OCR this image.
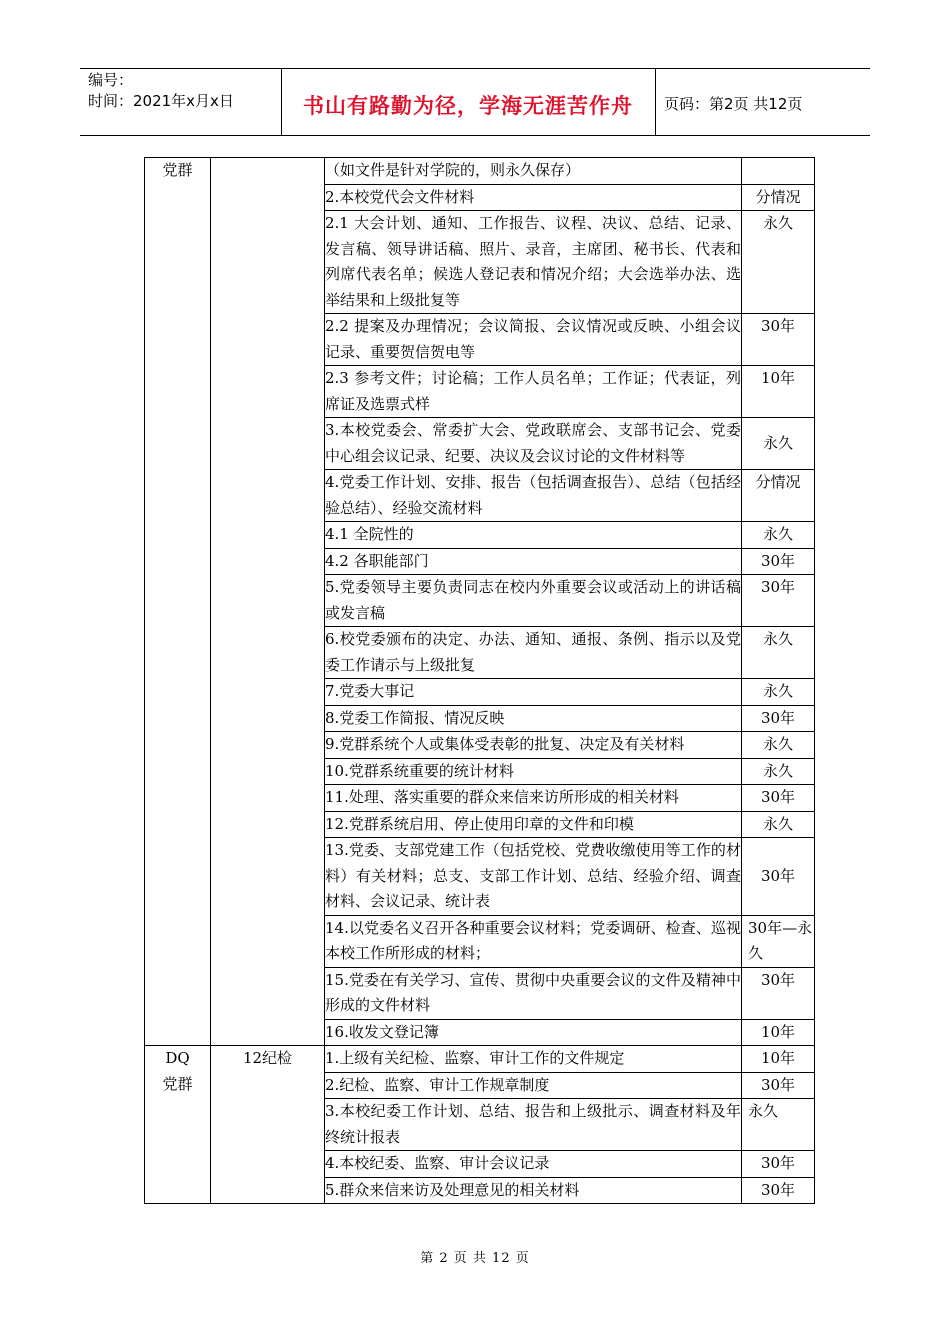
编号：
时间：2021年x月x日	书山有路勤为径，学海无涯苦作舟	页码：第2页 共12页
党群		（如文件是针对学院的，则永久保存）	
		2.本校党代会文件材料	分情况
		2.1 大会计划、通知、工作报告、议程、决议、总结、记录、发言稿、领导讲话稿、照片、录音，主席团、秘书长、代表和列席代表名单；候选人登记表和情况介绍；大会选举办法、选举结果和上级批复等	永久
		2.2 提案及办理情况；会议简报、会议情况或反映、小组会议记录、重要贺信贺电等	30年
		2.3 参考文件；讨论稿；工作人员名单；工作证；代表证，列席证及选票式样	10年
		3.本校党委会、常委扩大会、党政联席会、支部书记会、党委中心组会议记录、纪要、决议及会议讨论的文件材料等	永久
		4.党委工作计划、安排、报告（包括调查报告）、总结（包括经验总结）、经验交流材料	分情况
		4.1 全院性的	永久
		4.2 各职能部门	30年
		5.党委领导主要负责同志在校内外重要会议或活动上的讲话稿或发言稿	30年
		6.校党委颁布的决定、办法、通知、通报、条例、指示以及党委工作请示与上级批复	永久
		7.党委大事记	永久
		8.党委工作简报、情况反映	30年
		9.党群系统个人或集体受表彰的批复、决定及有关材料	永久
		10.党群系统重要的统计材料	永久
		11.处理、落实重要的群众来信来访所形成的相关材料	30年
		12.党群系统启用、停止使用印章的文件和印模	永久
		13.党委、支部党建工作（包括党校、党费收缴使用等工作的材料）有关材料；总支、支部工作计划、总结、经验介绍、调查材料、会议记录、统计表	30年
		14.以党委名义召开各种重要会议材料；党委调研、检查、巡视本校工作所形成的材料；	30年—永久
		15.党委在有关学习、宣传、贯彻中央重要会议的文件及精神中形成的文件材料	30年
		16.收发文登记簿	10年

DQ
党群	12纪检	1.上级有关纪检、监察、审计工作的文件规定	10年
		2.纪检、监察、审计工作规章制度	30年
		3.本校纪委工作计划、总结、报告和上级批示、调查材料及年终统计报表	永久
		4.本校纪委、监察、审计会议记录	30年
		5.群众来信来访及处理意见的相关材料	30年
第 2 页 共 12 页
